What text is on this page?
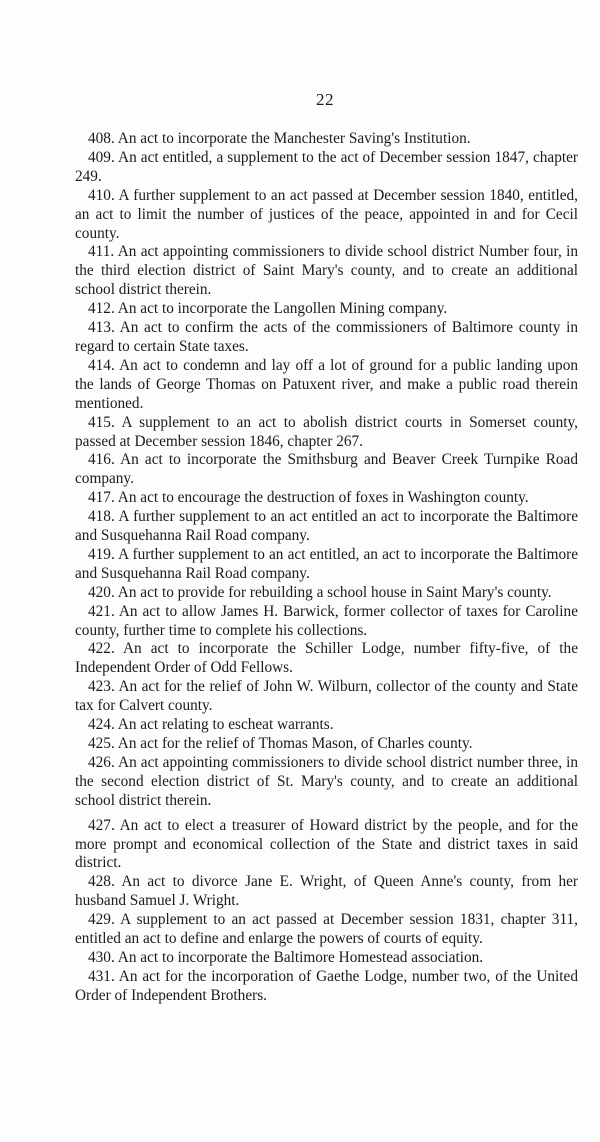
22
408. An act to incorporate the Manchester Saving's Institution.
409. An act entitled, a supplement to the act of December session 1847, chapter 249.
410. A further supplement to an act passed at December session 1840, entitled, an act to limit the number of justices of the peace, appointed in and for Cecil county.
411. An act appointing commissioners to divide school district Number four, in the third election district of Saint Mary's county, and to create an additional school district therein.
412. An act to incorporate the Langollen Mining company.
413. An act to confirm the acts of the commissioners of Baltimore county in regard to certain State taxes.
414. An act to condemn and lay off a lot of ground for a public landing upon the lands of George Thomas on Patuxent river, and make a public road therein mentioned.
415. A supplement to an act to abolish district courts in Somerset county, passed at December session 1846, chapter 267.
416. An act to incorporate the Smithsburg and Beaver Creek Turnpike Road company.
417. An act to encourage the destruction of foxes in Washington county.
418. A further supplement to an act entitled an act to incorporate the Baltimore and Susquehanna Rail Road company.
419. A further supplement to an act entitled, an act to incorporate the Baltimore and Susquehanna Rail Road company.
420. An act to provide for rebuilding a school house in Saint Mary's county.
421. An act to allow James H. Barwick, former collector of taxes for Caroline county, further time to complete his collections.
422. An act to incorporate the Schiller Lodge, number fifty-five, of the Independent Order of Odd Fellows.
423. An act for the relief of John W. Wilburn, collector of the county and State tax for Calvert county.
424. An act relating to escheat warrants.
425. An act for the relief of Thomas Mason, of Charles county.
426. An act appointing commissioners to divide school district number three, in the second election district of St. Mary's county, and to create an additional school district therein.
427. An act to elect a treasurer of Howard district by the people, and for the more prompt and economical collection of the State and district taxes in said district.
428. An act to divorce Jane E. Wright, of Queen Anne's county, from her husband Samuel J. Wright.
429. A supplement to an act passed at December session 1831, chapter 311, entitled an act to define and enlarge the powers of courts of equity.
430. An act to incorporate the Baltimore Homestead association.
431. An act for the incorporation of Gaethe Lodge, number two, of the United Order of Independent Brothers.
